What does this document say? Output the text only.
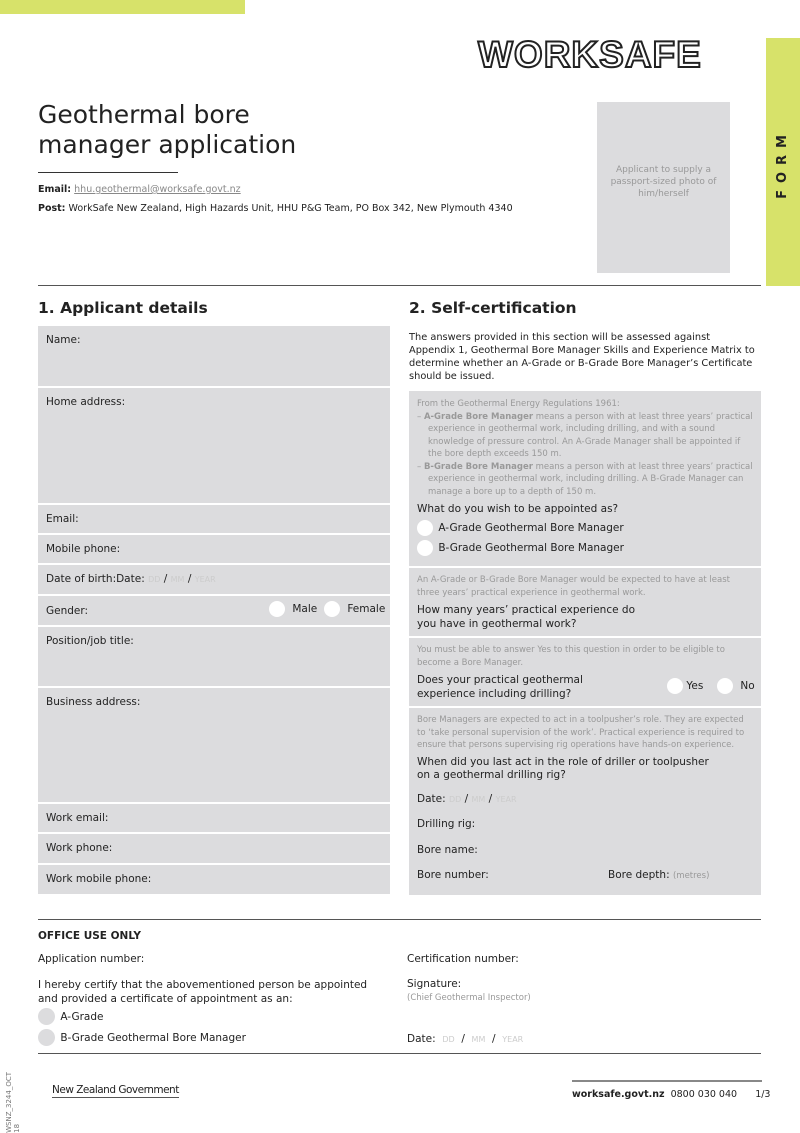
WORKSAFE
FORM
Geothermal bore
manager application
Email: hhu.geothermal@worksafe.govt.nz
Post: WorkSafe New Zealand, High Hazards Unit, HHU P&G Team, PO Box 342, New Plymouth 4340
Applicant to supply a passport-sized photo of him/herself
1. Applicant details
Name:
Home address:
Email:
Mobile phone:
Date of birth:Date: DD / MM / YEAR
Gender:	Male	Female
Position/job title:
Business address:
Work email:
Work phone:
Work mobile phone:
2. Self-certification
The answers provided in this section will be assessed against Appendix 1, Geothermal Bore Manager Skills and Experience Matrix to determine whether an A-Grade or B-Grade Bore Manager’s Certificate should be issued.
From the Geothermal Energy Regulations 1961:
– A-Grade Bore Manager means a person with at least three years’ practical experience in geothermal work, including drilling, and with a sound knowledge of pressure control. An A-Grade Manager shall be appointed if the bore depth exceeds 150 m.
– B-Grade Bore Manager means a person with at least three years’ practical experience in geothermal work, including drilling. A B-Grade Manager can manage a bore up to a depth of 150 m.
What do you wish to be appointed as?
A-Grade Geothermal Bore Manager
B-Grade Geothermal Bore Manager
An A-Grade or B-Grade Bore Manager would be expected to have at least three years’ practical experience in geothermal work.
How many years’ practical experience do you have in geothermal work?
You must be able to answer Yes to this question in order to be eligible to become a Bore Manager.
Does your practical geothermal experience including drilling?
Yes	No
Bore Managers are expected to act in a toolpusher’s role. They are expected to ‘take personal supervision of the work’. Practical experience is required to ensure that persons supervising rig operations have hands-on experience.
When did you last act in the role of driller or toolpusher on a geothermal drilling rig?
Date: DD / MM / YEAR
Drilling rig:
Bore name:
Bore number:	Bore depth: (metres)
OFFICE USE ONLY
Application number:	Certification number:
I hereby certify that the abovementioned person be appointed and provided a certificate of appointment as an:
Signature:
(Chief Geothermal Inspector)
A-Grade
B-Grade Geothermal Bore Manager	Date: DD  /  MM  /  YEAR
WSNZ_3244_OCT 18
New Zealand Government	worksafe.govt.nz 0800 030 040 1/3
